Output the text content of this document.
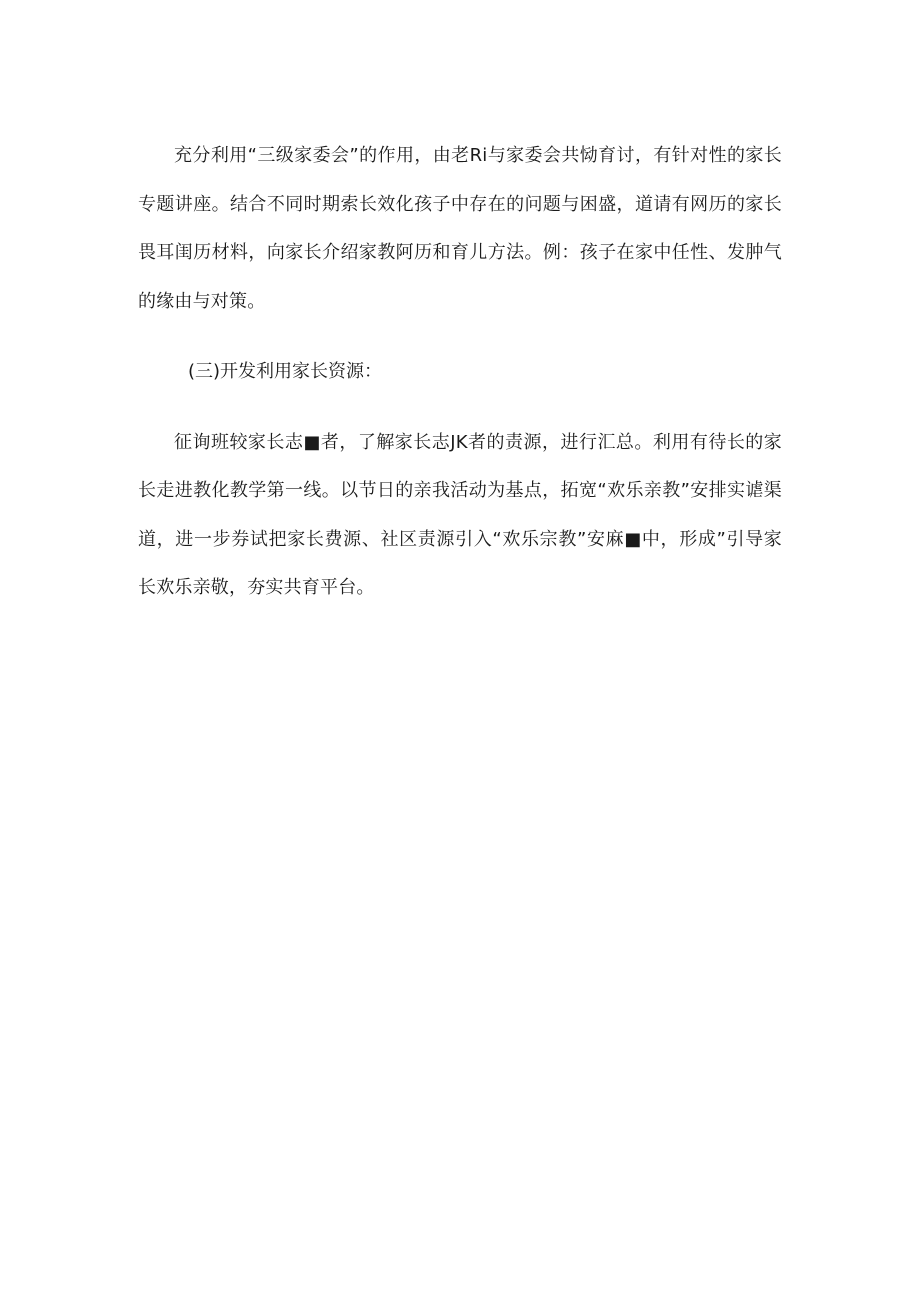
充分利用“三级家委会”的作用，由老Ri与家委会共恸育讨，有针对性的家长专题讲座。结合不同时期索长效化孩子中存在的问题与困盛，道请有网历的家长畏耳闺历材料，向家长介绍家教阿历和育儿方法。例：孩子在家中任性、发肿气的缘由与对策。

(三)开发利用家长资源：

征询班较家长志■者，了解家长志JK者的责源，进行汇总。利用有待长的家长走进教化教学第一线。以节日的亲我活动为基点，拓宽“欢乐亲教”安排实谑渠道，进一步券试把家长费源、社区责源引入“欢乐宗教”安麻■中，形成”引导家长欢乐亲敬，夯实共育平台。
